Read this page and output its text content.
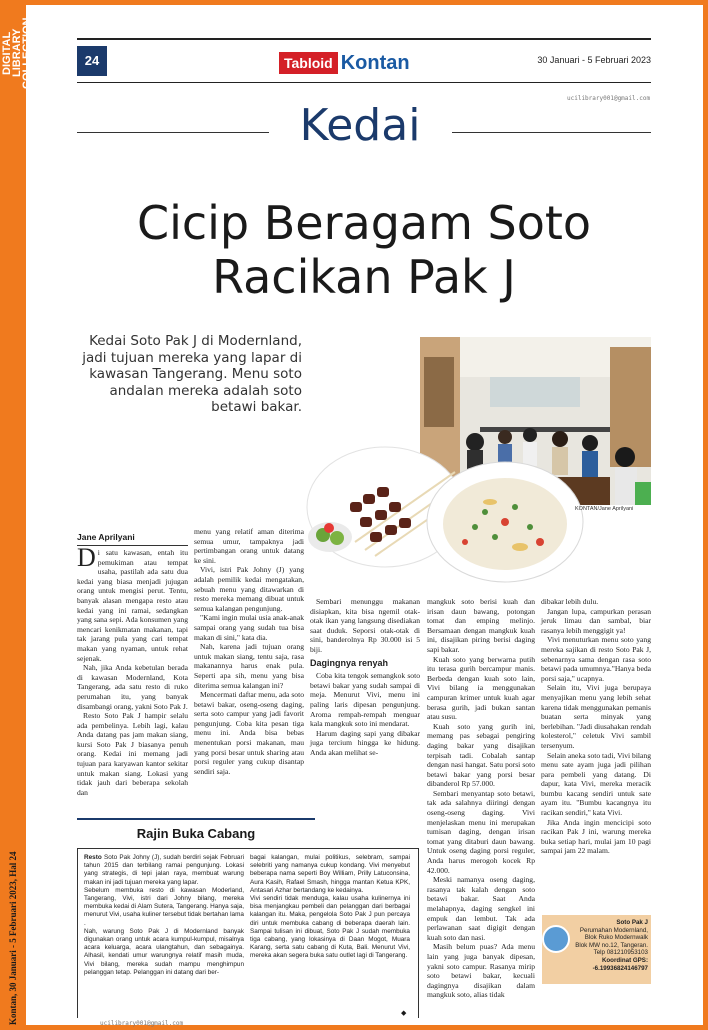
DIGITAL LIBRARY COLLECTION
Kontan, 30 Januari - 5 Februari 2023, Hal 24
24	Tabloid Kontan	30 Januari - 5 Februari 2023
ucilibrary001@gmail.com
Kedai
Cicip Beragam Soto
Racikan Pak J
Kedai Soto Pak J di Modernland, jadi tujuan mereka yang lapar di kawasan Tangerang. Menu soto andalan mereka adalah soto betawi bakar.
KONTAN/Jane Aprilyani
Jane Aprilyani
D i satu kawasan, entah itu pemukiman atau tempat usaha, pastilah ada satu dua kedai yang biasa menjadi jujugan orang untuk mengisi perut. Tentu, banyak alasan mengapa resto atau kedai yang ini ramai, sedangkan yang sana sepi. Ada konsumen yang mencari kenikmatan makanan, tapi tak jarang pula yang cari tempat makan yang nyaman, untuk rehat sejenak.

Nah, jika Anda kebetulan berada di kawasan Modernland, Kota Tangerang, ada satu resto di ruko perumahan itu, yang banyak disambangi orang, yakni Soto Pak J.

Resto Soto Pak J hampir selalu ada pembelinya. Lebih lagi, kalau Anda datang pas jam makan siang, kursi Soto Pak J biasanya penuh orang. Kedai ini memang jadi tujuan para karyawan kantor sekitar untuk makan siang. Lokasi yang tidak jauh dari beberapa sekolah dan

menu yang relatif aman diterima semua umur, tampaknya jadi pertimbangan orang untuk datang ke sini.

Vivi, istri Pak Johny (J) yang adalah pemilik kedai mengatakan, sebuah menu yang ditawarkan di resto mereka memang dibuat untuk semua kalangan pengunjung.

"Kami ingin mulai usia anak-anak sampai orang yang sudah tua bisa makan di sini," kata dia.

Nah, karena jadi tujuan orang untuk makan siang, tentu saja, rasa makanannya harus enak pula. Seperti apa sih, menu yang bisa diterima semua kalangan ini?

Mencermati daftar menu, ada soto betawi bakar, oseng-oseng daging, serta soto campur yang jadi favorit pengunjung. Coba kita pesan tiga menu ini. Anda bisa bebas menentukan porsi makanan, mau yang porsi besar untuk sharing atau porsi reguler yang cukup disantap sendiri saja.

Sembari menunggu makanan disiapkan, kita bisa ngemil otak-otak ikan yang langsung disediakan saat duduk. Seporsi otak-otak di sini, banderolnya Rp 30.000 isi 5 biji.

Dagingnya renyah

Coba kita tengok semangkok soto betawi bakar yang sudah sampai di meja. Menurut Vivi, menu ini paling laris dipesan pengunjung. Aroma rempah-rempah menguar kala mangkuk soto ini mendarat.

Harum daging sapi yang dibakar juga tercium hingga ke hidung. Anda akan melihat se-

mangkuk soto berisi kuah dan irisan daun bawang, potongan tomat dan emping melinjo. Bersamaan dengan mangkuk kuah ini, disajikan piring berisi daging sapi bakar.

Kuah soto yang berwarna putih itu terasa gurih bercampur manis. Berbeda dengan kuah soto lain, Vivi bilang ia menggunakan campuran krimer untuk kuah agar berasa gurih, jadi bukan santan atau susu.

Kuah soto yang gurih ini, memang pas sebagai pengiring daging bakar yang disajikan terpisah tadi. Cobalah santap dengan nasi hangat. Satu porsi soto betawi bakar yang porsi besar dibanderol Rp 57.000.

Sembari menyantap soto betawi, tak ada salahnya diiringi dengan oseng-oseng daging. Vivi menjelaskan menu ini merupakan tumisan daging, dengan irisan tomat yang ditaburi daun bawang. Untuk oseng daging porsi reguler, Anda harus merogoh kocek Rp 42.000.

Meski namanya oseng daging, rasanya tak kalah dengan soto betawi bakar. Saat Anda melahapnya, daging sengkel ini empuk dan lembut. Tak ada perlawanan saat digigit dengan kuah soto dan nasi.

Masih belum puas? Ada menu lain yang juga banyak dipesan, yakni soto campur. Rasanya mirip soto betawi bakar, kecuali dagingnya disajikan dalam mangkuk soto, alias tidak

dibakar lebih dulu.

Jangan lupa, campurkan perasan jeruk limau dan sambal, biar rasanya lebih menggigit ya!

Vivi menuturkan menu soto yang mereka sajikan di resto Soto Pak J, sebenarnya sama dengan rasa soto betawi pada umumnya."Hanya beda porsi saja," ucapnya.

Selain itu, Vivi juga berupaya menyajikan menu yang lebih sehat karena tidak menggunakan pemanis buatan serta minyak yang berlebihan. "Jadi diusahakan rendah kolesterol," celetuk Vivi sambil tersenyum.

Selain aneka soto tadi, Vivi bilang menu sate ayam juga jadi pilihan para pembeli yang datang. Di dapur, kata Vivi, mereka meracik bumbu kacang sendiri untuk sate ayam itu. "Bumbu kacangnya itu racikan sendiri," kata Vivi.

Jika Anda ingin mencicipi soto racikan Pak J ini, warung mereka buka setiap hari, mulai jam 10 pagi sampai jam 22 malam.

Rajin Buka Cabang

Resto Soto Pak Johny (J), sudah berdiri sejak Februari tahun 2015 dan terbilang ramai pengunjung. Lokasi yang strategis, di tepi jalan raya, membuat warung makan ini jadi tujuan mereka yang lapar.

Sebelum membuka resto di kawasan Moderland, Tangerang, Vivi, istri dari Johny bilang, mereka membuka kedai di Alam Sutera, Tangerang. Hanya saja, menurut Vivi, usaha kuliner tersebut tidak bertahan lama .

Nah, warung Soto Pak J di Modernland banyak digunakan orang untuk acara kumpul-kumpul, misalnya acara keluarga, acara ulangtahun, dan sebagainya. Alhasil, kendati umur warungnya relatif masih muda, Vivi bilang, mereka sudah mampu menghimpun pelanggan tetap. Pelanggan ini datang dari ber-

bagai kalangan, mulai politikus, selebram, sampai selebriti yang namanya cukup kondang. Vivi menyebut beberapa nama seperti Boy William, Prilly Latuconsina, Aura Kasih, Rafael Smash, hingga mantan Ketua KPK, Antasari Azhar bertandang ke kedainya.

Vivi sendiri tidak menduga, kalau usaha kulinernya ini bisa menjangkau pembeli dan pelanggan dari berbagai kalangan itu. Maka, pengelola Soto Pak J pun percaya diri untuk membuka cabang di beberapa daerah lain. Sampai tulisan ini dibuat, Soto Pak J sudah membuka tiga cabang, yang lokasinya di Daan Mogot, Muara Karang, serta satu cabang di Kuta, Bali. Menurut Vivi, mereka akan segera buka satu outlet lagi di Tangerang.

◆
ucilibrary001@gmail.com
Soto Pak J
Perumahan Modernland, Blok Ruko Modernwalk Blok MW no.12, Tangeran.
Telp 081210953103
Koordinat GPS:
-6.19936824146797
